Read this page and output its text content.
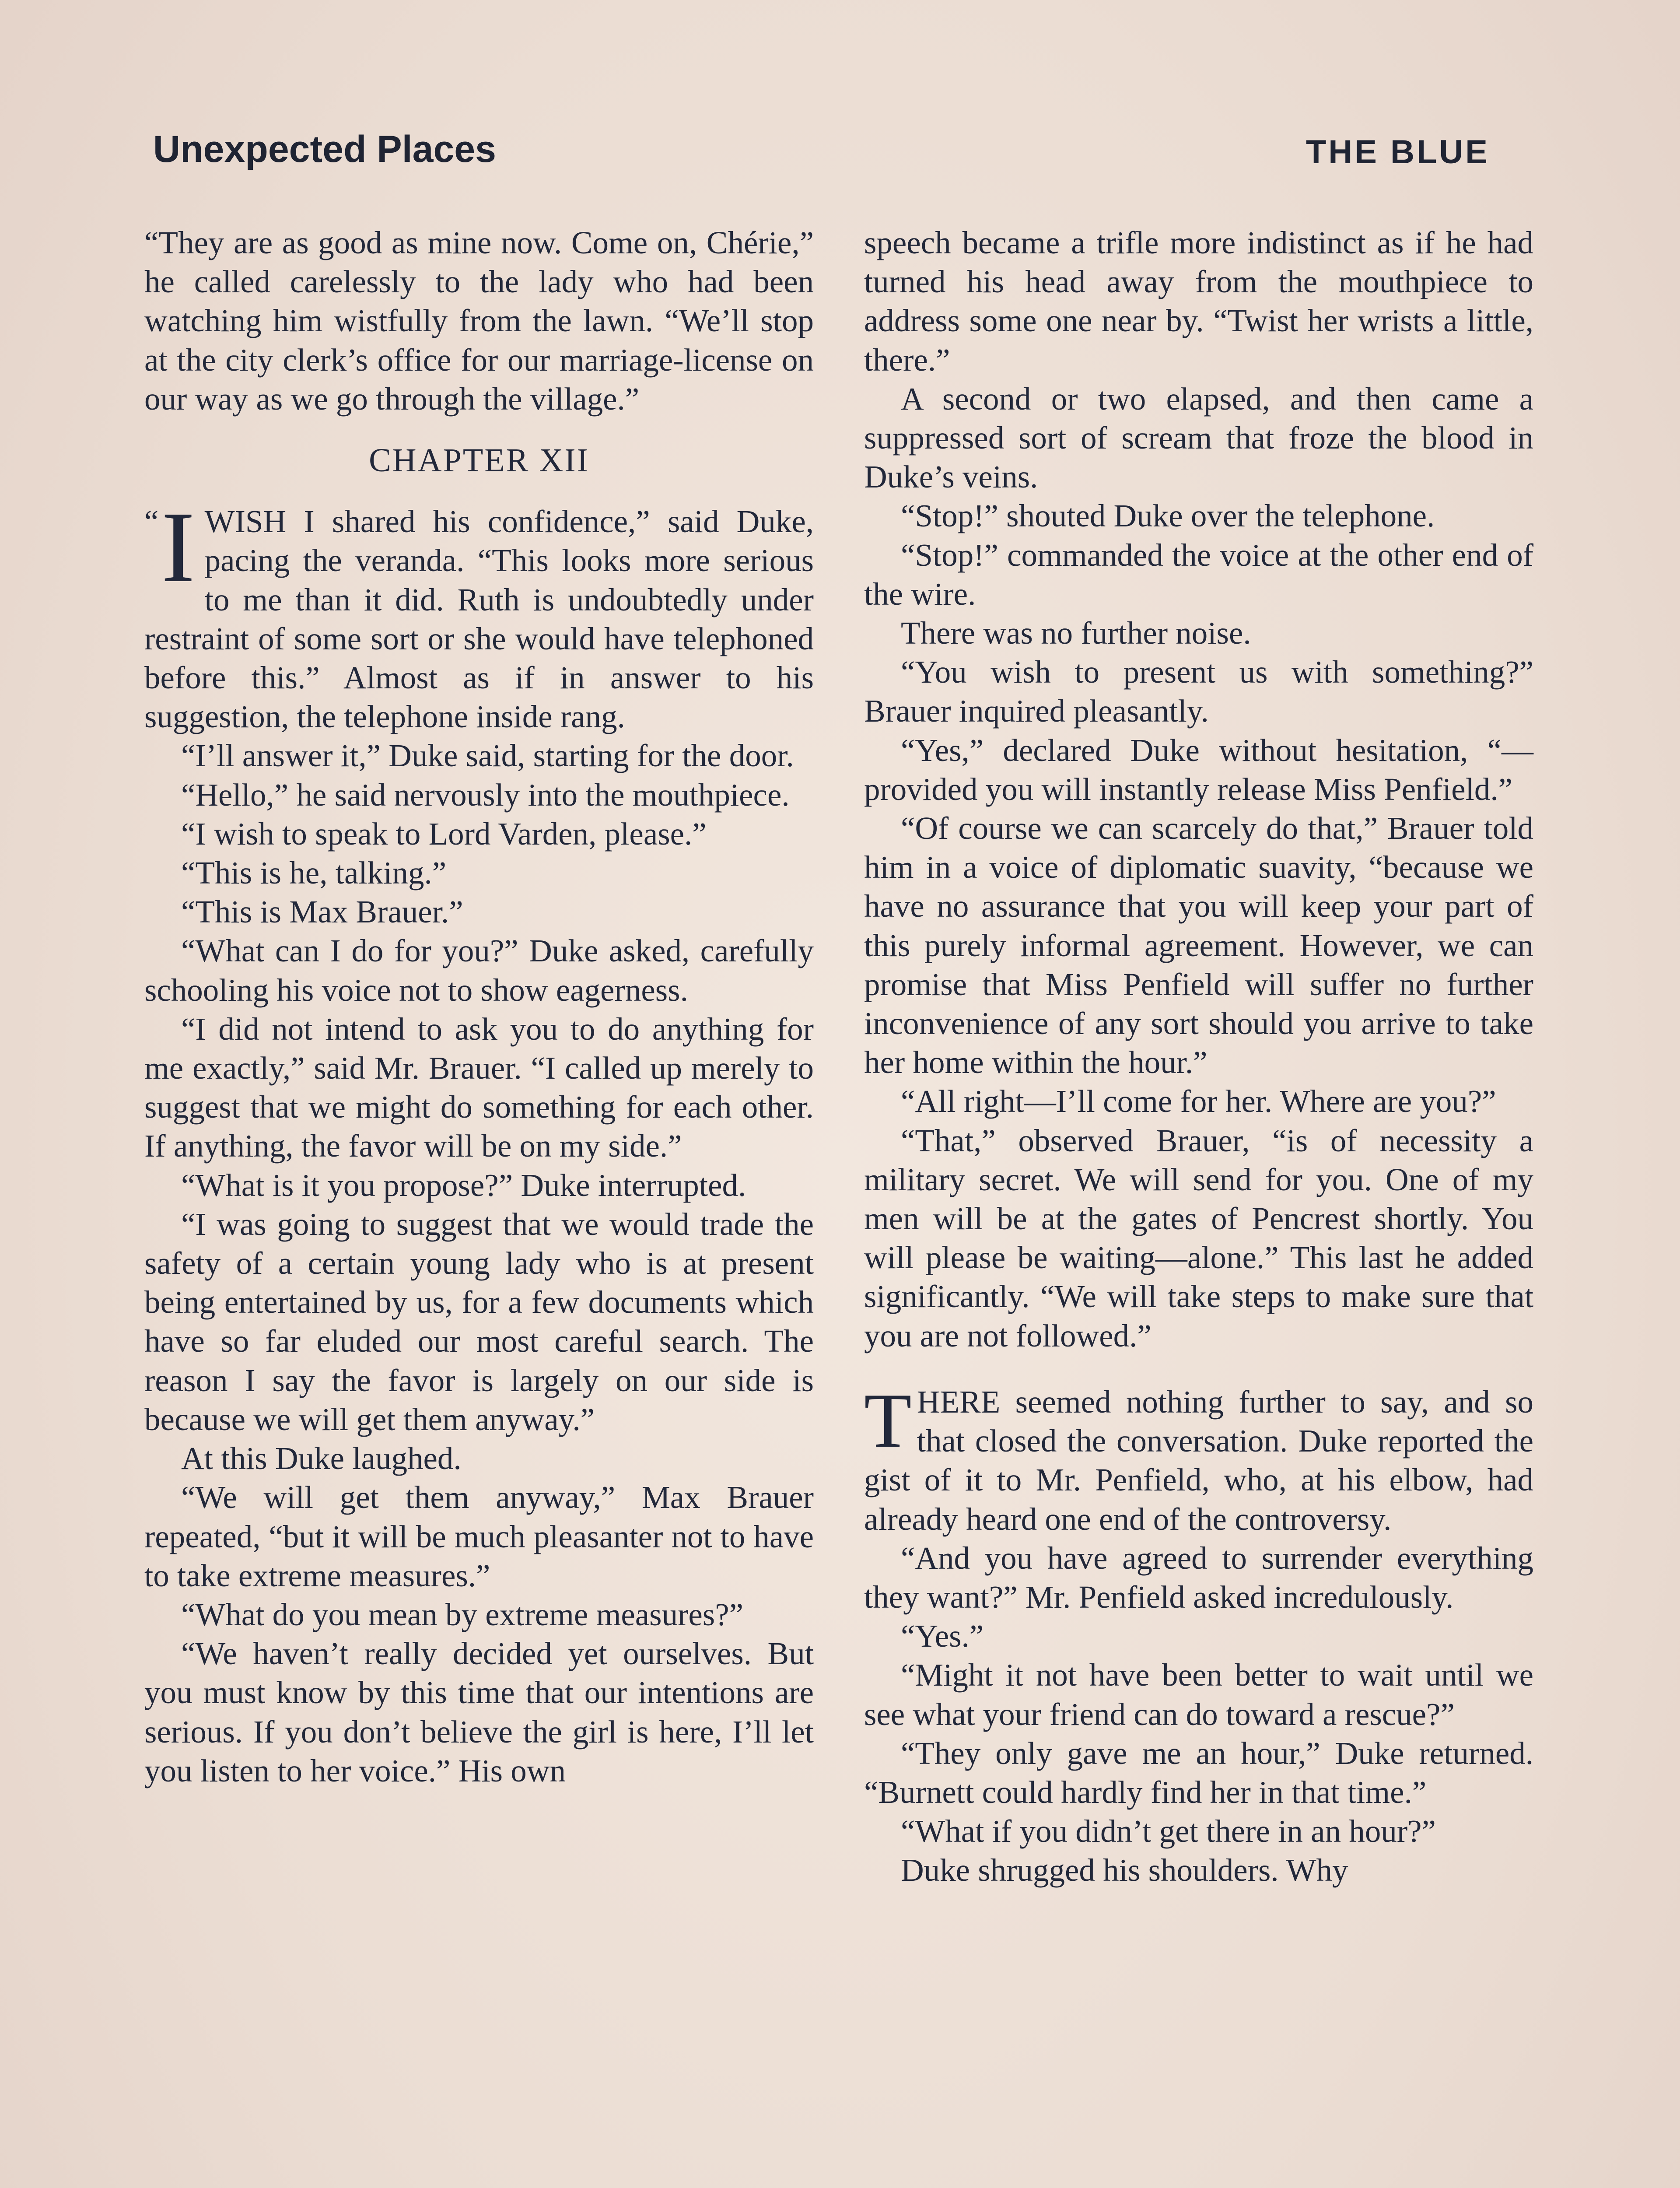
Unexpected Places	THE BLUE

“They are as good as mine now. Come on, Chérie,” he called carelessly to the lady who had been watching him wistfully from the lawn. “We’ll stop at the city clerk’s office for our marriage-license on our way as we go through the village.”

CHAPTER XII

“ I WISH I shared his confidence,” said Duke, pacing the veranda. “This looks more serious to me than it did. Ruth is undoubtedly under restraint of some sort or she would have telephoned before this.” Almost as if in answer to his suggestion, the telephone inside rang.

“I’ll answer it,” Duke said, starting for the door.

“Hello,” he said nervously into the mouthpiece.

“I wish to speak to Lord Varden, please.”

“This is he, talking.”

“This is Max Brauer.”

“What can I do for you?” Duke asked, carefully schooling his voice not to show eagerness.

“I did not intend to ask you to do anything for me exactly,” said Mr. Brauer. “I called up merely to suggest that we might do something for each other. If anything, the favor will be on my side.”

“What is it you propose?” Duke interrupted.

“I was going to suggest that we would trade the safety of a certain young lady who is at present being entertained by us, for a few documents which have so far eluded our most careful search. The reason I say the favor is largely on our side is because we will get them anyway.”

At this Duke laughed.

“We will get them anyway,” Max Brauer repeated, “but it will be much pleasanter not to have to take extreme measures.”

“What do you mean by extreme measures?”

“We haven’t really decided yet ourselves. But you must know by this time that our intentions are serious. If you don’t believe the girl is here, I’ll let you listen to her voice.” His own

speech became a trifle more indistinct as if he had turned his head away from the mouthpiece to address some one near by. “Twist her wrists a little, there.”

A second or two elapsed, and then came a suppressed sort of scream that froze the blood in Duke’s veins.

“Stop!” shouted Duke over the telephone.

“Stop!” commanded the voice at the other end of the wire.

There was no further noise.

“You wish to present us with something?” Brauer inquired pleasantly.

“Yes,” declared Duke without hesitation, “—provided you will instantly release Miss Penfield.”

“Of course we can scarcely do that,” Brauer told him in a voice of diplomatic suavity, “because we have no assurance that you will keep your part of this purely informal agreement. However, we can promise that Miss Penfield will suffer no further inconvenience of any sort should you arrive to take her home within the hour.”

“All right—I’ll come for her. Where are you?”

“That,” observed Brauer, “is of necessity a military secret. We will send for you. One of my men will be at the gates of Pencrest shortly. You will please be waiting—alone.” This last he added significantly. “We will take steps to make sure that you are not followed.”

THERE seemed nothing further to say, and so that closed the conversation. Duke reported the gist of it to Mr. Penfield, who, at his elbow, had already heard one end of the controversy.

“And you have agreed to surrender everything they want?” Mr. Penfield asked incredulously.

“Yes.”

“Might it not have been better to wait until we see what your friend can do toward a rescue?”

“They only gave me an hour,” Duke returned. “Burnett could hardly find her in that time.”

“What if you didn’t get there in an hour?”

Duke shrugged his shoulders. Why
